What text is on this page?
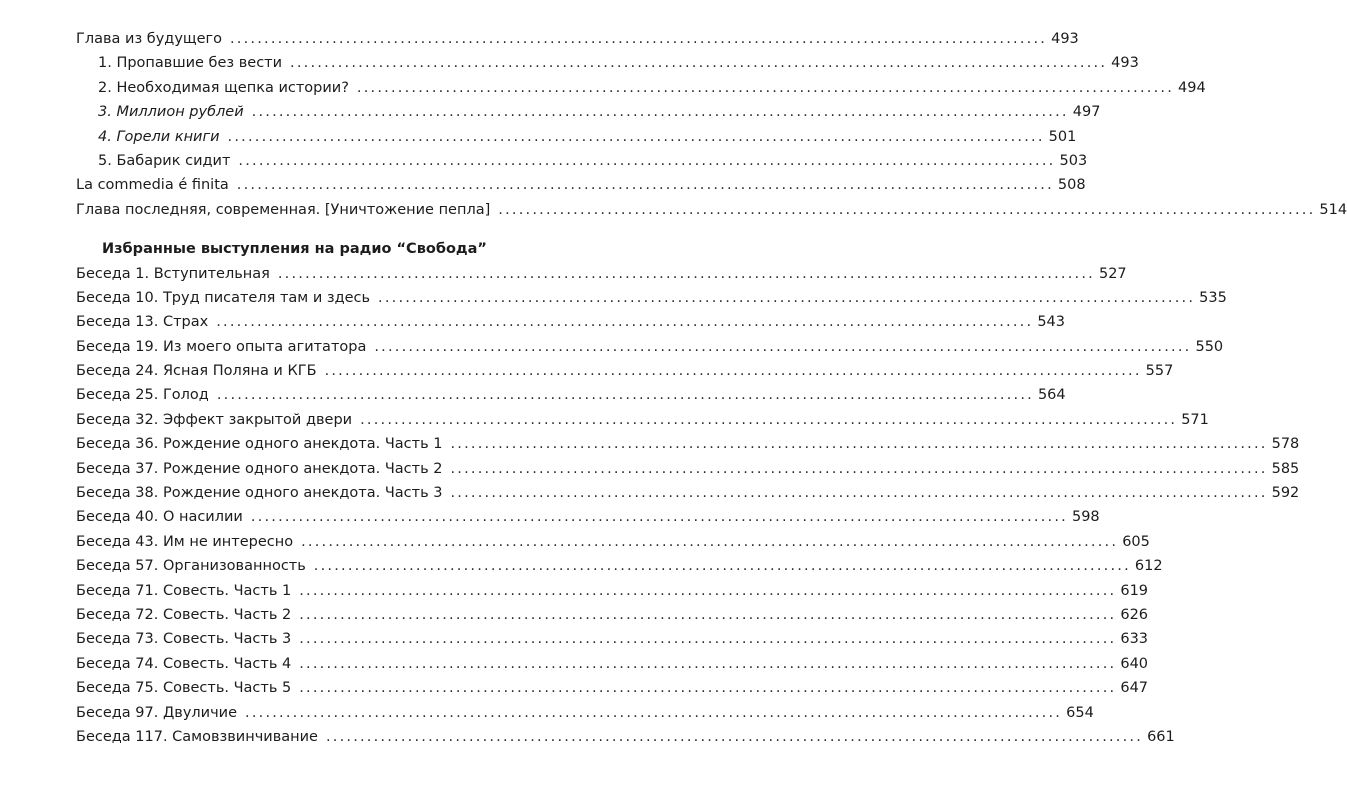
Глава из будущего ........................................................................................................................ 493
1. Пропавшие без вести ........................................................................................................................ 493
2. Необходимая щепка истории? ........................................................................................................................ 494
3. Миллион рублей ........................................................................................................................ 497
4. Горели книги ........................................................................................................................ 501
5. Бабарик сидит ........................................................................................................................ 503
La commedia é finita ........................................................................................................................ 508
Глава последняя, современная. [Уничтожение пепла] ........................................................................................................................ 514
Избранные выступления на радио “Свобода”
Беседа 1. Вступительная ........................................................................................................................ 527
Беседа 10. Труд писателя там и здесь ........................................................................................................................ 535
Беседа 13. Страх ........................................................................................................................ 543
Беседа 19. Из моего опыта агитатора ........................................................................................................................ 550
Беседа 24. Ясная Поляна и КГБ ........................................................................................................................ 557
Беседа 25. Голод ........................................................................................................................ 564
Беседа 32. Эффект закрытой двери ........................................................................................................................ 571
Беседа 36. Рождение одного анекдота. Часть 1 ........................................................................................................................ 578
Беседа 37. Рождение одного анекдота. Часть 2 ........................................................................................................................ 585
Беседа 38. Рождение одного анекдота. Часть 3 ........................................................................................................................ 592
Беседа 40. О насилии ........................................................................................................................ 598
Беседа 43. Им не интересно ........................................................................................................................ 605
Беседа 57. Организованность ........................................................................................................................ 612
Беседа 71. Совесть. Часть 1 ........................................................................................................................ 619
Беседа 72. Совесть. Часть 2 ........................................................................................................................ 626
Беседа 73. Совесть. Часть 3 ........................................................................................................................ 633
Беседа 74. Совесть. Часть 4 ........................................................................................................................ 640
Беседа 75. Совесть. Часть 5 ........................................................................................................................ 647
Беседа 97. Двуличие ........................................................................................................................ 654
Беседа 117. Самовзвинчивание ........................................................................................................................ 661
